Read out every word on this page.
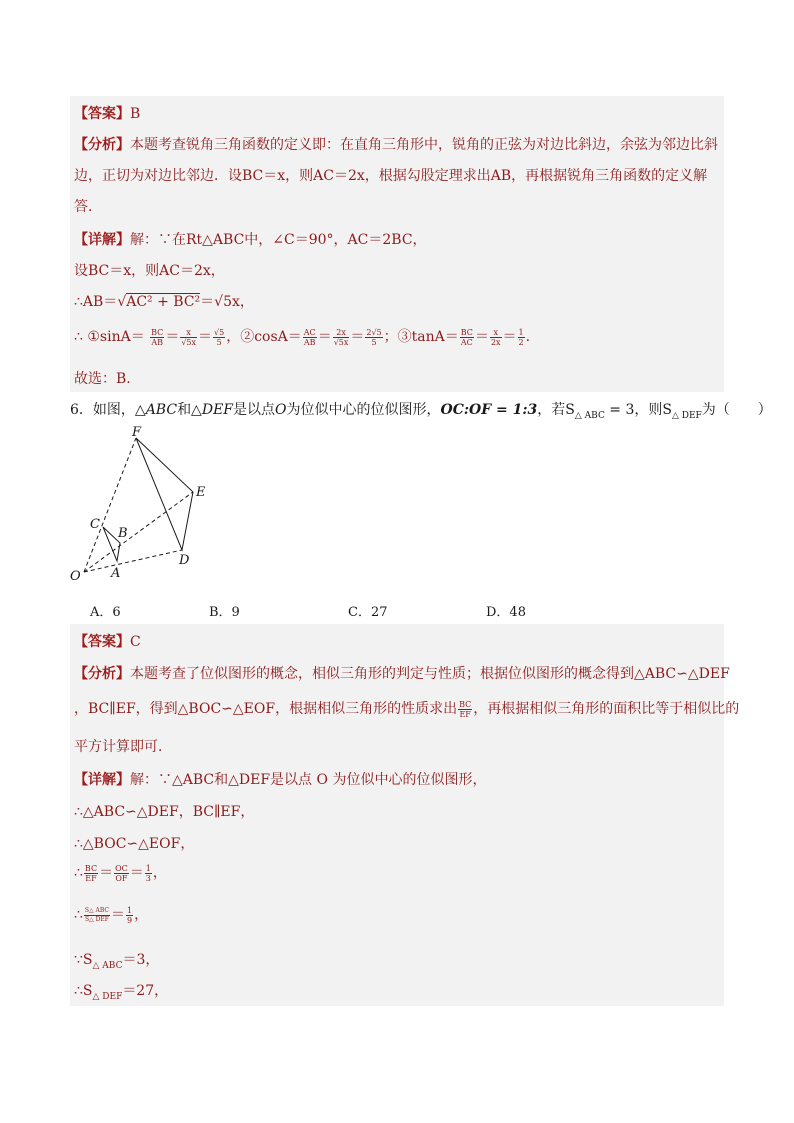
【答案】B
【分析】本题考查锐角三角函数的定义即：在直角三角形中，锐角的正弦为对边比斜边，余弦为邻边比斜
边，正切为对边比邻边．设BC＝x，则AC＝2x，根据勾股定理求出AB，再根据锐角三角函数的定义解
答．
【详解】解：∵在Rt△ABC中，∠C＝90°，AC＝2BC，
设BC＝x，则AC＝2x，
∴AB＝√AC² + BC²＝√5x，
∴ ①sinA＝ $\frac{BC}{AB} = \frac{x}{√5x} = \frac{√5}{5}$ ，②cosA＝ $\frac{AC}{AB} = \frac{2x}{√5x} = \frac{2√5}{5}$ ；③tanA＝ $\frac{BC}{AC} = \frac{x}{2x} = \frac{1}{2}$ .
故选：B．
6．如图，△ABC和△DEF是以点O为位似中心的位似图形，OC:OF = 1:3，若$S_{\triangle ABC} = 3$，则$S_{\triangle DEF}$为（　　）
F
E
C
B
O A
D
A．6	B．9	C．27	D．48
【答案】C
【分析】本题考查了位似图形的概念，相似三角形的判定与性质；根据位似图形的概念得到△ABC∽△DEF
，BC∥EF，得到△BOC∽△EOF，根据相似三角形的性质求出 $\frac{BC}{EF}$ ，再根据相似三角形的面积比等于相似比的
平方计算即可．
【详解】解：∵△ABC和△DEF是以点 O 为位似中心的位似图形，
∴△ABC∽△DEF，BC∥EF，
∴△BOC∽△EOF，
∴ $\frac{BC}{EF} = \frac{OC}{OF} = \frac{1}{3}$ ，
∴ $\frac{\text{S△ ABC}}{\text{S△ DEF}} = \frac{1}{9}$ ，
$\because S_{\triangle ABC}=3$，
$\therefore S_{\triangle DEF}=27$，
